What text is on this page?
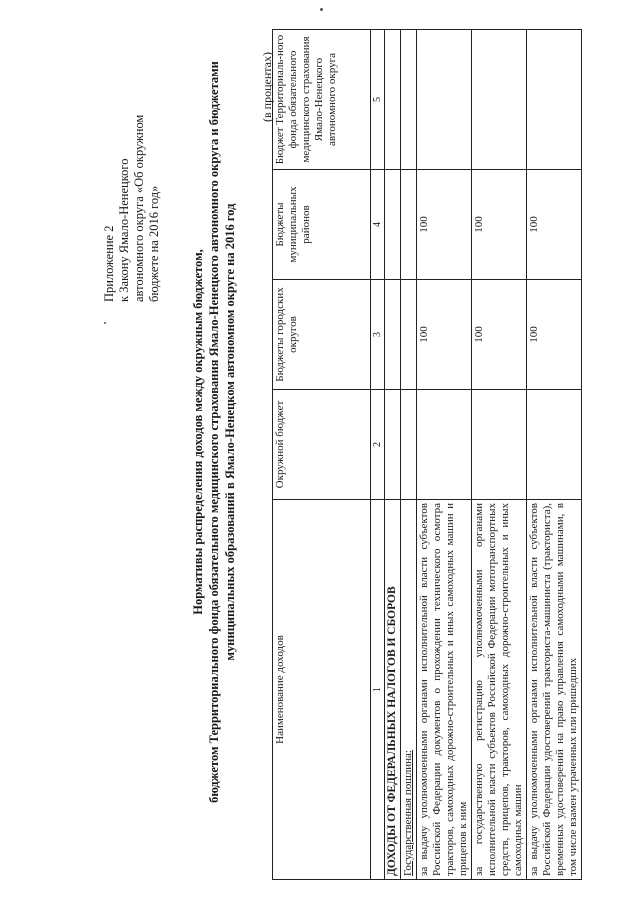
Приложение 2 к Закону Ямало-Ненецкого автономного округа «Об окружном бюджете на 2016 год»
Нормативы распределения доходов между окружным бюджетом, бюджетом Территориального фонда обязательного медицинского страхования Ямало-Ненецкого автономного округа и бюджетами муниципальных образований в Ямало-Ненецком автономном округе на 2016 год
(в процентах)
Наименование доходов	Окружной бюджет	Бюджеты городских округов	Бюджеты муниципальных районов	Бюджет Территориаль-ного фонда обязательного медицинского страхования Ямало-Ненецкого автономного округа
1	2	3	4	5
ДОХОДЫ ОТ ФЕДЕРАЛЬНЫХ НАЛОГОВ И СБОРОВ				
Государственная пошлина:				
за выдачу уполномоченными органами исполнительной власти субъектов Российской Федерации документов о прохождении технического осмотра тракторов, самоходных дорожно-строительных и иных самоходных машин и прицепов к ним		100	100	
за государственную регистрацию уполномоченными органами исполнительной власти субъектов Российской Федерации мототранспортных средств, прицепов, тракторов, самоходных дорожно-строительных и иных самоходных машин		100	100	
за выдачу уполномоченными органами исполнительной власти субъектов Российской Федерации удостоверений тракториста-машиниста (тракториста), временных удостоверений на право управления самоходными машинами, в том числе взамен утраченных или пришедших		100	100	
